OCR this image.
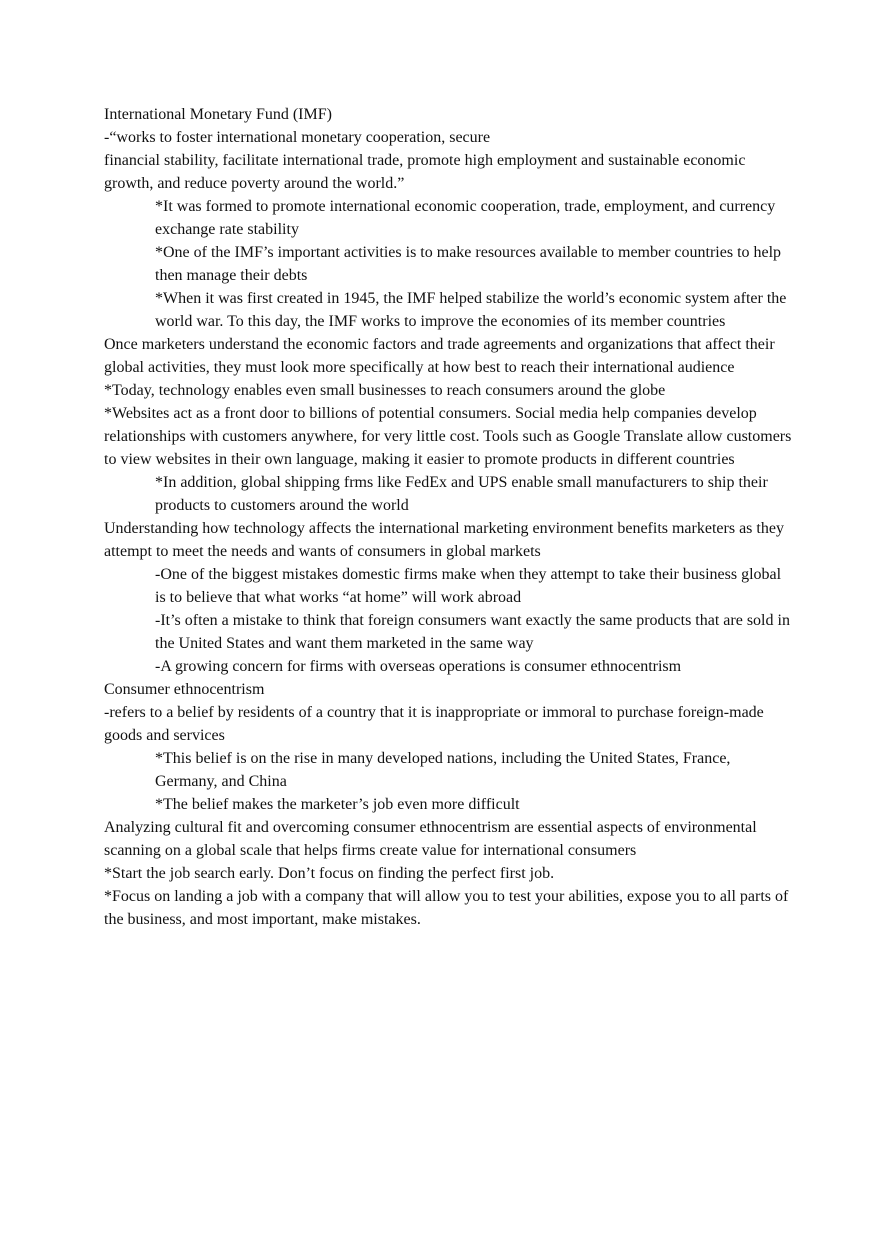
International Monetary Fund (IMF)

-“works to foster international monetary cooperation, secure

financial stability, facilitate international trade, promote high employment and sustainable economic growth, and reduce poverty around the world.”

*It was formed to promote international economic cooperation, trade, employment, and currency exchange rate stability

*One of the IMF’s important activities is to make resources available to member countries to help then manage their debts

*When it was first created in 1945, the IMF helped stabilize the world’s economic system after the world war. To this day, the IMF works to improve the economies of its member countries

Once marketers understand the economic factors and trade agreements and organizations that affect their global activities, they must look more specifically at how best to reach their international audience

*Today, technology enables even small businesses to reach consumers around the globe

*Websites act as a front door to billions of potential consumers. Social media help companies develop relationships with customers anywhere, for very little cost. Tools such as Google Translate allow customers to view websites in their own language, making it easier to promote products in different countries

*In addition, global shipping frms like FedEx and UPS enable small manufacturers to ship their products to customers around the world

Understanding how technology affects the international marketing environment benefits marketers as they attempt to meet the needs and wants of consumers in global markets

-One of the biggest mistakes domestic firms make when they attempt to take their business global is to believe that what works “at home” will work abroad

-It’s often a mistake to think that foreign consumers want exactly the same products that are sold in the United States and want them marketed in the same way

-A growing concern for firms with overseas operations is consumer ethnocentrism

Consumer ethnocentrism

-refers to a belief by residents of a country that it is inappropriate or immoral to purchase foreign-made goods and services

*This belief is on the rise in many developed nations, including the United States, France, Germany, and China

*The belief makes the marketer’s job even more difficult

Analyzing cultural fit and overcoming consumer ethnocentrism are essential aspects of environmental scanning on a global scale that helps firms create value for international consumers

*Start the job search early. Don’t focus on finding the perfect first job.

*Focus on landing a job with a company that will allow you to test your abilities, expose you to all parts of the business, and most important, make mistakes.
